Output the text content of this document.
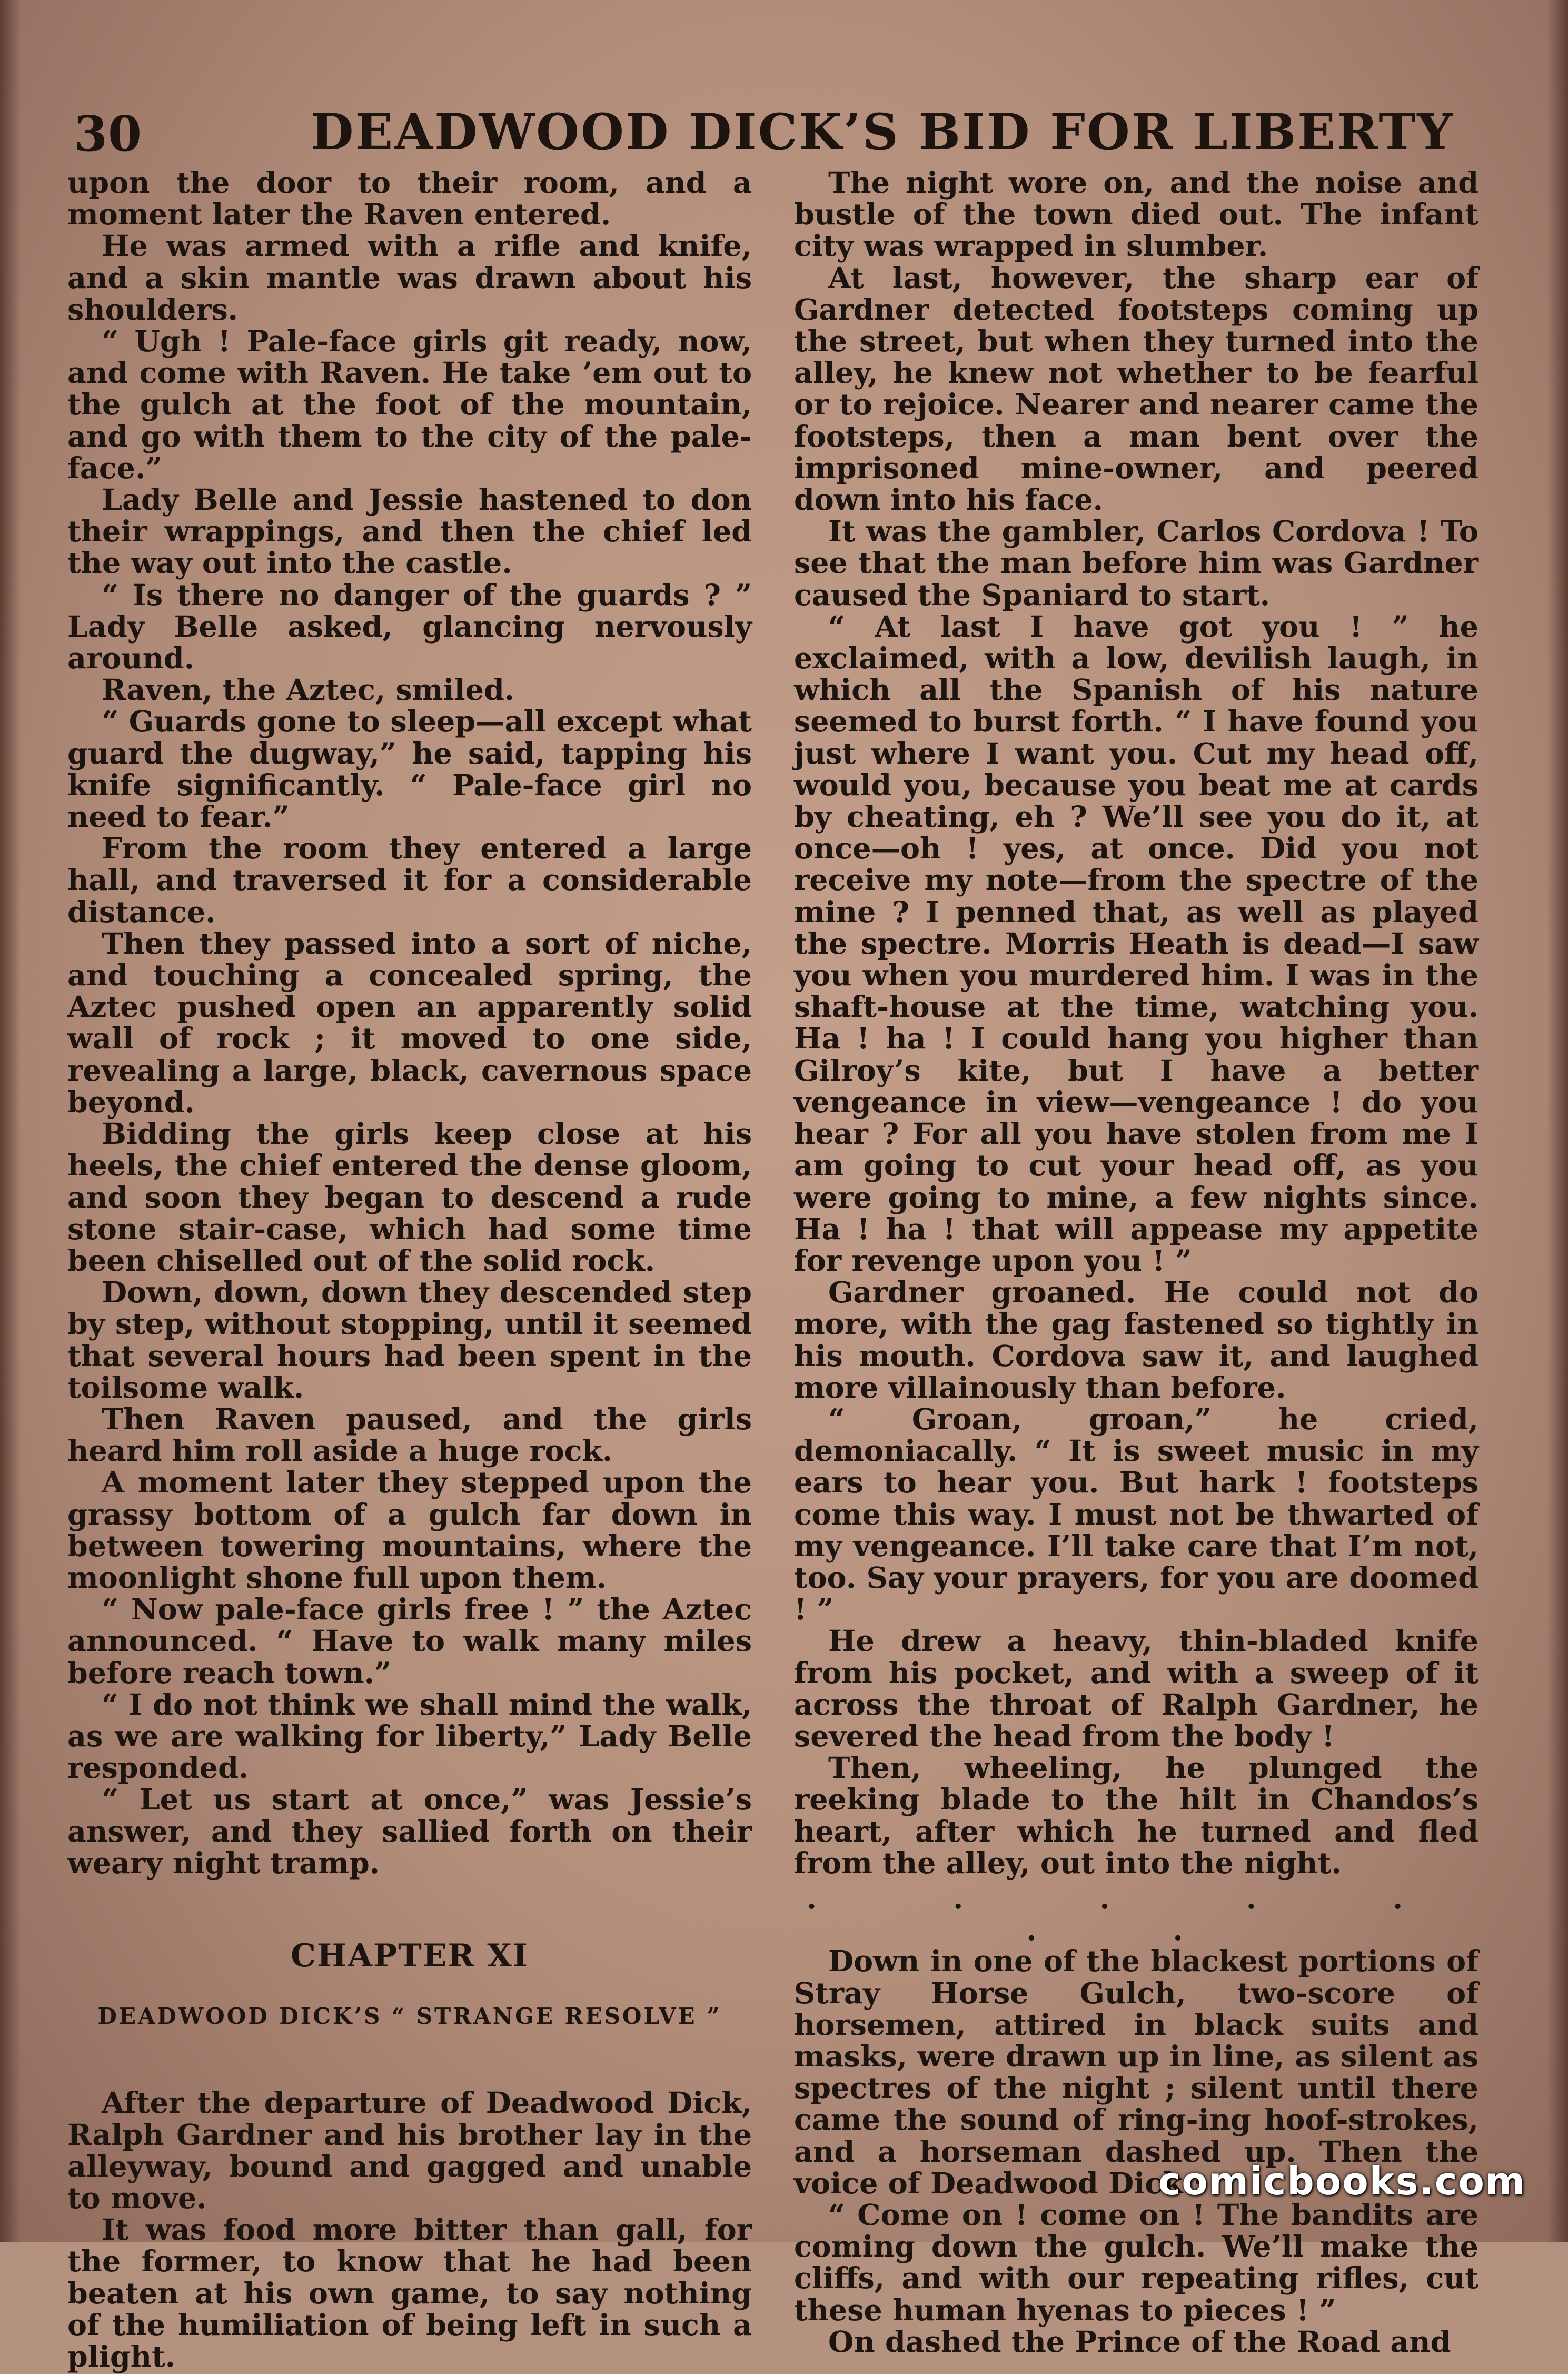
30	DEADWOOD DICK’S BID FOR LIBERTY

upon the door to their room, and a moment later the Raven entered.

He was armed with a rifle and knife, and a skin mantle was drawn about his shoulders.

“ Ugh ! Pale-face girls git ready, now, and come with Raven. He take ’em out to the gulch at the foot of the mountain, and go with them to the city of the pale-face.”

Lady Belle and Jessie hastened to don their wrappings, and then the chief led the way out into the castle.

“ Is there no danger of the guards ? ” Lady Belle asked, glancing nervously around.

Raven, the Aztec, smiled.

“ Guards gone to sleep—all except what guard the dugway,” he said, tapping his knife significantly. “ Pale-face girl no need to fear.”

From the room they entered a large hall, and traversed it for a considerable distance.

Then they passed into a sort of niche, and touching a concealed spring, the Aztec pushed open an apparently solid wall of rock ; it moved to one side, revealing a large, black, cavernous space beyond.

Bidding the girls keep close at his heels, the chief entered the dense gloom, and soon they began to descend a rude stone stair-case, which had some time been chiselled out of the solid rock.

Down, down, down they descended step by step, without stopping, until it seemed that several hours had been spent in the toilsome walk.

Then Raven paused, and the girls heard him roll aside a huge rock.

A moment later they stepped upon the grassy bottom of a gulch far down in between towering mountains, where the moonlight shone full upon them.

“ Now pale-face girls free ! ” the Aztec announced. “ Have to walk many miles before reach town.”

“ I do not think we shall mind the walk, as we are walking for liberty,” Lady Belle responded.

“ Let us start at once,” was Jessie’s answer, and they sallied forth on their weary night tramp.

CHAPTER XI
DEADWOOD DICK’S “ STRANGE RESOLVE ”

After the departure of Deadwood Dick, Ralph Gardner and his brother lay in the alleyway, bound and gagged and unable to move.

It was food more bitter than gall, for the former, to know that he had been beaten at his own game, to say nothing of the humiliation of being left in such a plight.

The night wore on, and the noise and bustle of the town died out. The infant city was wrapped in slumber.

At last, however, the sharp ear of Gardner detected footsteps coming up the street, but when they turned into the alley, he knew not whether to be fearful or to rejoice. Nearer and nearer came the footsteps, then a man bent over the imprisoned mine-owner, and peered down into his face.

It was the gambler, Carlos Cordova ! To see that the man before him was Gardner caused the Spaniard to start.

“ At last I have got you ! ” he exclaimed, with a low, devilish laugh, in which all the Spanish of his nature seemed to burst forth. “ I have found you just where I want you. Cut my head off, would you, because you beat me at cards by cheating, eh ? We’ll see you do it, at once—oh ! yes, at once. Did you not receive my note—from the spectre of the mine ? I penned that, as well as played the spectre. Morris Heath is dead—I saw you when you murdered him. I was in the shaft-house at the time, watching you. Ha ! ha ! I could hang you higher than Gilroy’s kite, but I have a better vengeance in view—vengeance ! do you hear ? For all you have stolen from me I am going to cut your head off, as you were going to mine, a few nights since. Ha ! ha ! that will appease my appetite for revenge upon you ! ”

Gardner groaned. He could not do more, with the gag fastened so tightly in his mouth. Cordova saw it, and laughed more villainously than before.

“ Groan, groan,” he cried, demoniacally. “ It is sweet music in my ears to hear you. But hark ! footsteps come this way. I must not be thwarted of my vengeance. I’ll take care that I’m not, too. Say your prayers, for you are doomed ! ”

He drew a heavy, thin-bladed knife from his pocket, and with a sweep of it across the throat of Ralph Gardner, he severed the head from the body !

Then, wheeling, he plunged the reeking blade to the hilt in Chandos’s heart, after which he turned and fled from the alley, out into the night.

. . . . . . .

Down in one of the blackest portions of Stray Horse Gulch, two-score of horsemen, attired in black suits and masks, were drawn up in line, as silent as spectres of the night ; silent until there came the sound of ring-ing hoof-strokes, and a horseman dashed up. Then the voice of Deadwood Dick :

“ Come on ! come on ! The bandits are coming down the gulch. We’ll make the cliffs, and with our repeating rifles, cut these human hyenas to pieces ! ”

On dashed the Prince of the Road and

comicbooks.com
